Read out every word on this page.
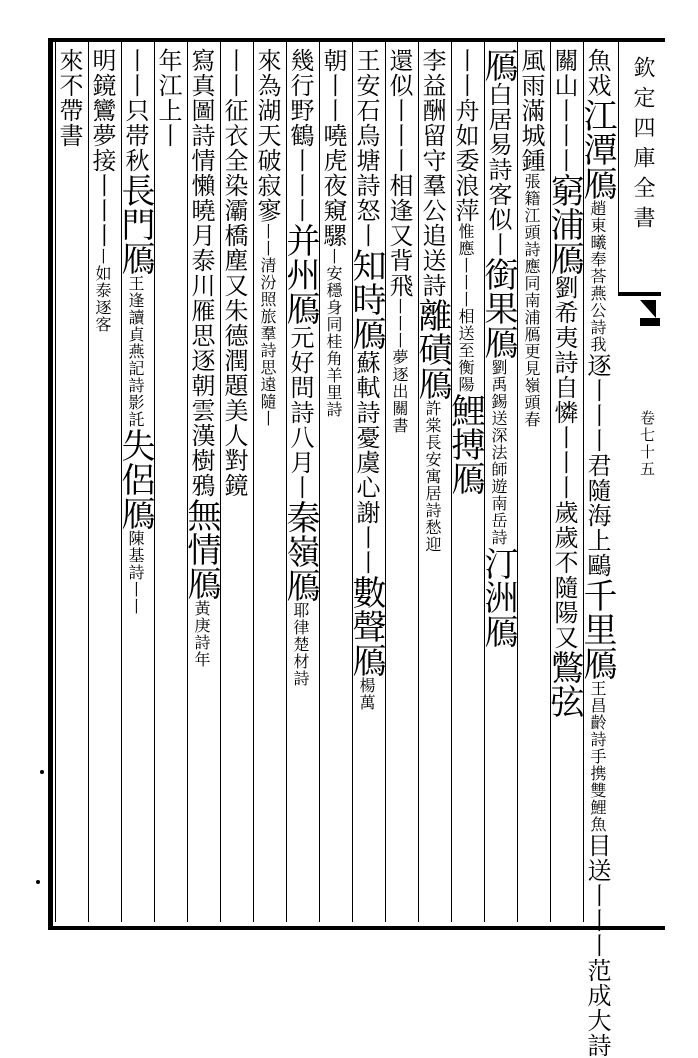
欽定四庫全書
卷七十五
魚戏江潭鴈趙東曦奉荅燕公詩我逐丨丨丨君隨海上鷗千里鴈王昌齡詩手携雙鯉魚目送丨丨丨范成大詩
關山丨丨丨窮浦鴈劉希夷詩自憐丨丨丨歲歲不隨陽又鷩弦
風雨滿城鍾張籍江頭詩應同南浦鴈更見嶺頭春
鴈白居易詩客似丨銜果鴈劉禹錫送深法師遊南岳詩汀洲鴈
丨丨舟如委浪萍惟應丨丨丨相送至衡陽鯉搏鴈
李益酬留守羣公追送詩離磧鴈許棠長安寓居詩愁迎
還似丨丨丨相逢又背飛丨丨丨夢逐出關書
王安石烏塘詩怒丨知時鴈蘇軾詩憂虞心謝丨丨數聲鴈楊萬
朝丨丨嘵虎夜窺騾丨安穩身同桂角羊里詩
幾行野鶴丨丨丨并州鴈元好問詩八月丨秦嶺鴈耶律楚材詩
來為湖天破寂寥丨丨清汾照旅羣詩思遠隨丨
丨丨征衣全染灞橋塵又朱德潤題美人對鏡
寫真圖詩情懶曉月泰川雁思逐朝雲漢樹鴉無情鴈黃庚詩年
年江上丨
丨丨只帯秋長門鴈王逢讀貞燕記詩影託失侶鴈陳基詩丨丨
明鏡鸞夢接丨丨丨丨如泰逐客
來不帶書
